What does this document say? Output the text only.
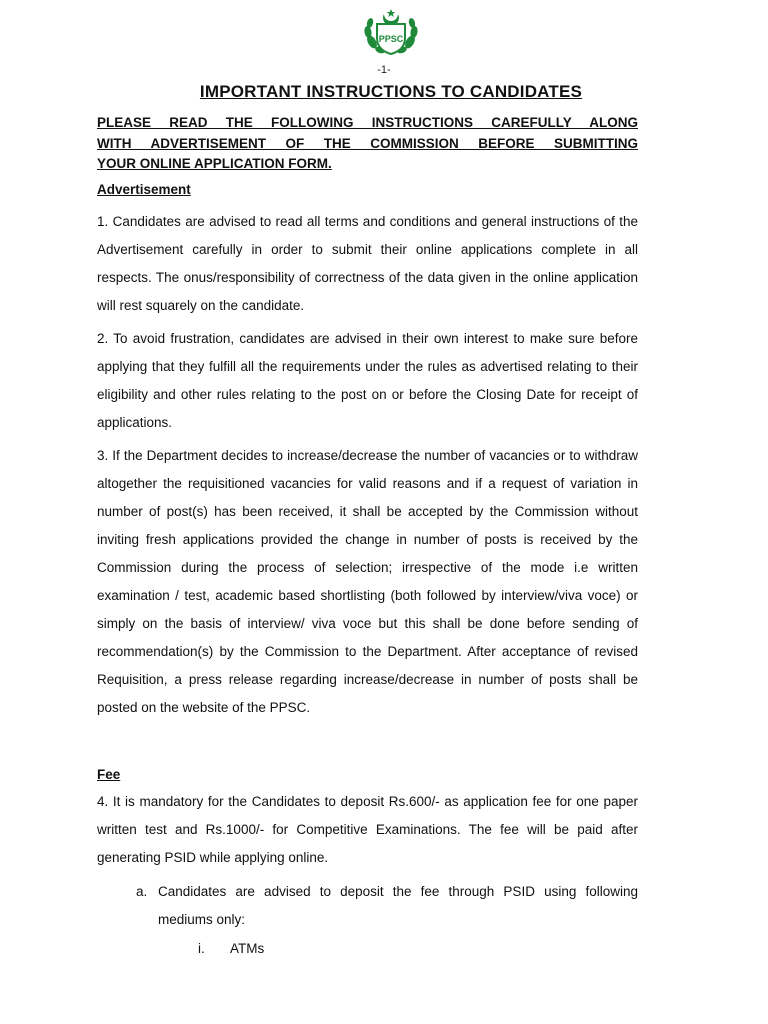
PPSC
-1-
IMPORTANT INSTRUCTIONS TO CANDIDATES
PLEASE READ THE FOLLOWING INSTRUCTIONS CAREFULLY ALONG
WITH ADVERTISEMENT OF THE COMMISSION BEFORE SUBMITTING
YOUR ONLINE APPLICATION FORM.
Advertisement

1. Candidates are advised to read all terms and conditions and general instructions of the Advertisement carefully in order to submit their online applications complete in all respects. The onus/responsibility of correctness of the data given in the online application will rest squarely on the candidate.

2. To avoid frustration, candidates are advised in their own interest to make sure before applying that they fulfill all the requirements under the rules as advertised relating to their eligibility and other rules relating to the post on or before the Closing Date for receipt of applications.

3. If the Department decides to increase/decrease the number of vacancies or to withdraw altogether the requisitioned vacancies for valid reasons and if a request of variation in number of post(s) has been received, it shall be accepted by the Commission without inviting fresh applications provided the change in number of posts is received by the Commission during the process of selection; irrespective of the mode i.e written examination / test, academic based shortlisting (both followed by interview/viva voce) or simply on the basis of interview/ viva voce but this shall be done before sending of recommendation(s) by the Commission to the Department. After acceptance of revised Requisition, a press release regarding increase/decrease in number of posts shall be posted on the website of the PPSC.

Fee

4. It is mandatory for the Candidates to deposit Rs.600/- as application fee for one paper written test and Rs.1000/- for Competitive Examinations. The fee will be paid after generating PSID while applying online.

a. Candidates are advised to deposit the fee through PSID using following mediums only:

i. ATMs
